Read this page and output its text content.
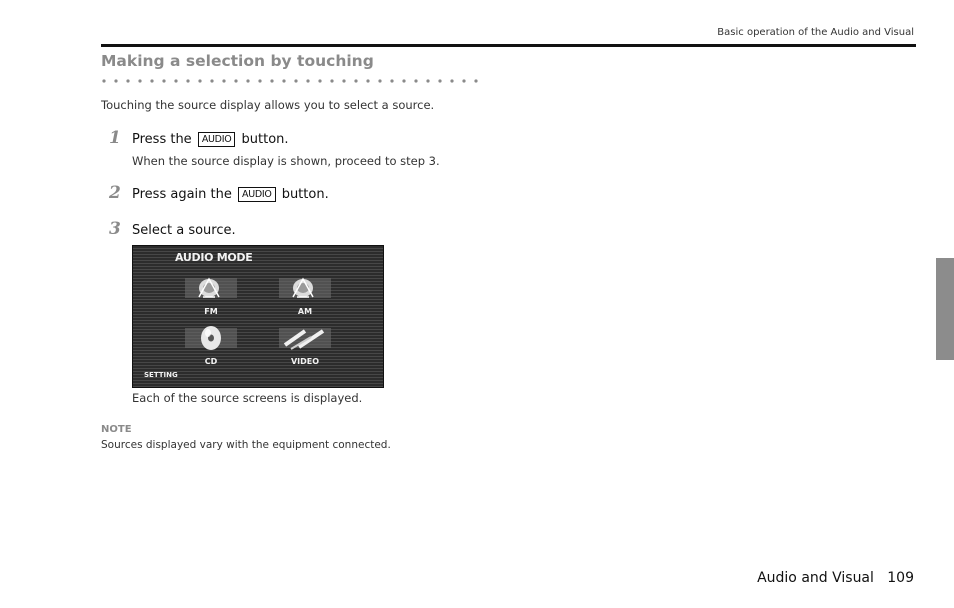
Basic operation of the Audio and Visual
Making a selection by touching
Touching the source display allows you to select a source.
1 Press the AUDIO button.
When the source display is shown, proceed to step 3.
2 Press again the AUDIO button.
3 Select a source.
AUDIO MODE
FM	AM
CD	VIDEO
SETTING
Each of the source screens is displayed.
NOTE
Sources displayed vary with the equipment connected.
Audio and Visual 109
